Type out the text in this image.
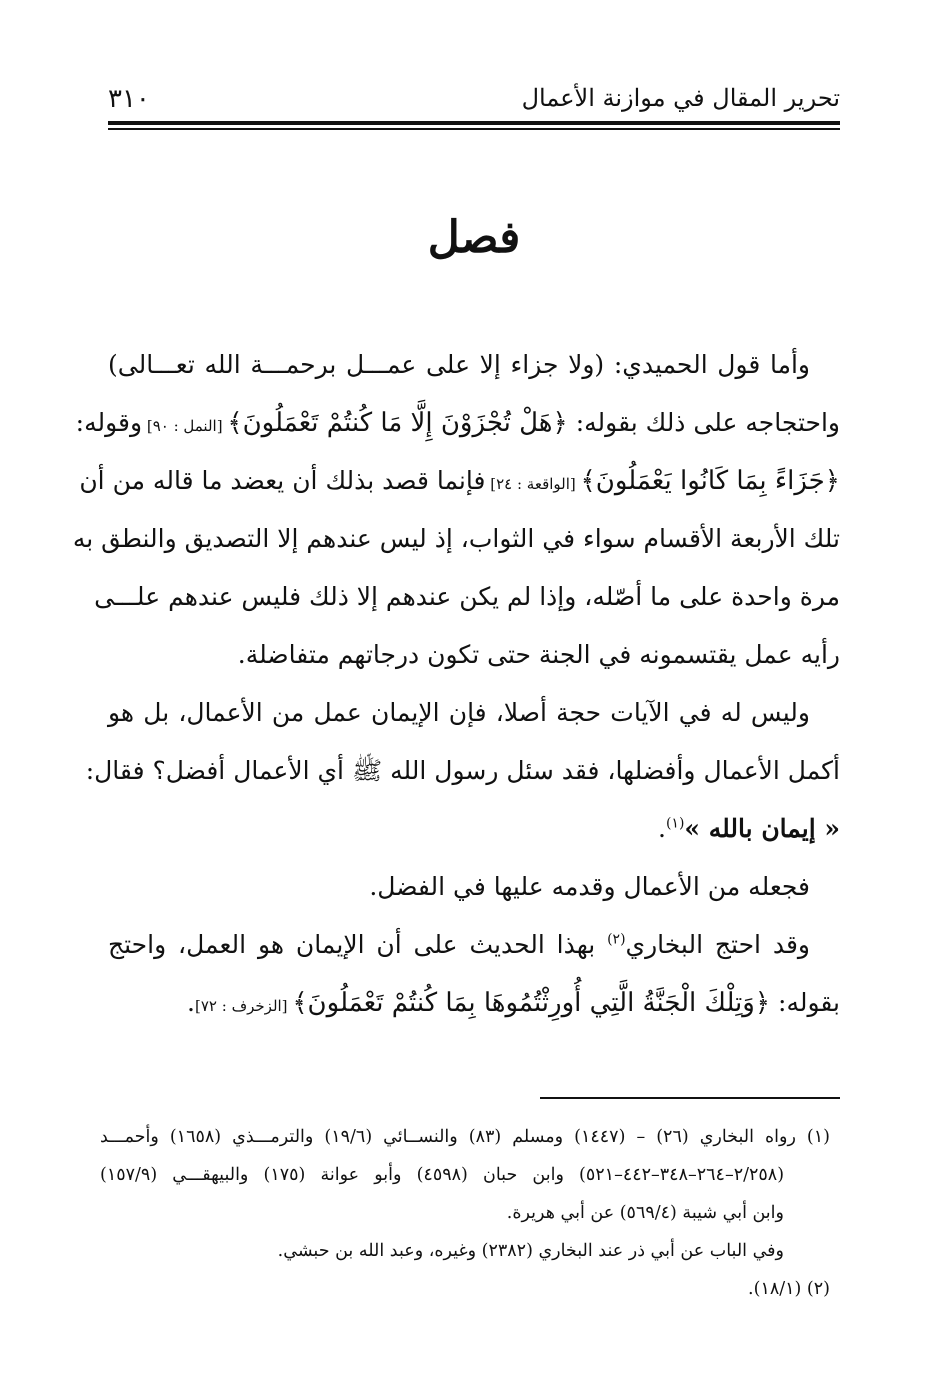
تحرير المقال في موازنة الأعمال
٣١٠
فصل
وأما قول الحميدي: (ولا جزاء إلا على عمـــل برحمـــة الله تعـــالى)
واحتجاجه على ذلك بقوله: ﴿هَلْ تُجْزَوْنَ إِلَّا مَا كُنتُمْ تَعْمَلُونَ﴾ [النمل : ٩٠] وقوله:
﴿جَزَاءً بِمَا كَانُوا يَعْمَلُونَ﴾ [الواقعة : ٢٤] فإنما قصد بذلك أن يعضد ما قاله من أن
تلك الأربعة الأقسام سواء في الثواب، إذ ليس عندهم إلا التصديق والنطق به
مرة واحدة على ما أصّله، وإذا لم يكن عندهم إلا ذلك فليس عندهم علـــى
رأيه عمل يقتسمونه في الجنة حتى تكون درجاتهم متفاضلة.
وليس له في الآيات حجة أصلا، فإن الإيمان عمل من الأعمال، بل هو
أكمل الأعمال وأفضلها، فقد سئل رسول الله ﷺ أي الأعمال أفضل؟ فقال:
« إيمان بالله »$^{(١)}$.
فجعله من الأعمال وقدمه عليها في الفضل.
وقد احتج البخاري$^{(٢)}$ بهذا الحديث على أن الإيمان هو العمل، واحتج
بقوله: ﴿وَتِلْكَ الْجَنَّةُ الَّتِي أُورِثْتُمُوهَا بِمَا كُنتُمْ تَعْمَلُونَ﴾ [الزخرف : ٧٢].
(١) رواه البخاري (٢٦) – (١٤٤٧) ومسلم (٨٣) والنســائي (١٩/٦) والترمـــذي (١٦٥٨) وأحمـــد
(٢/٢٥٨–٢٦٤–٣٤٨–٤٤٢–٥٢١) وابن حبان (٤٥٩٨) وأبو عوانة (١٧٥) والبيهقـــي (١٥٧/٩)
وابن أبي شيبة (٥٦٩/٤) عن أبي هريرة.
وفي الباب عن أبي ذر عند البخاري (٢٣٨٢) وغيره، وعبد الله بن حبشي.
(٢) (١٨/١).
